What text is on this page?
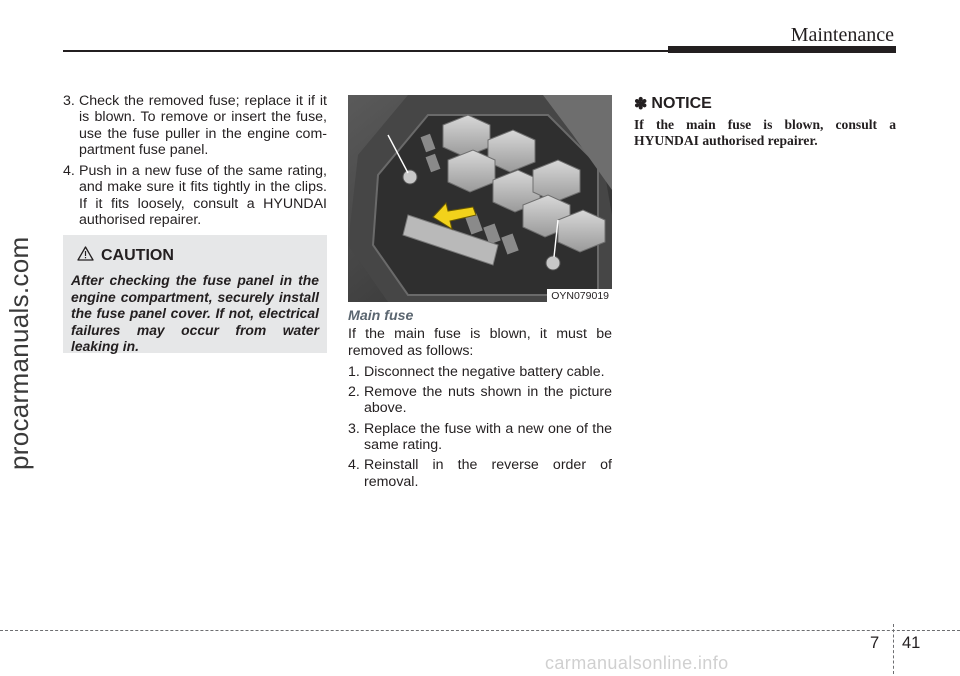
Maintenance
procarmanuals.com
3. Check the removed fuse; replace it if it is blown. To remove or insert the fuse, use the fuse puller in the engine com-partment fuse panel.
4. Push in a new fuse of the same rating, and make sure it fits tightly in the clips. If it fits loosely, consult a HYUNDAI authorised repairer.
CAUTION
After checking the fuse panel in the engine compartment, securely install the fuse panel cover. If not, electrical failures may occur from water leaking in.
OYN079019
Main fuse
If the main fuse is blown, it must be removed as follows:
1. Disconnect the negative battery cable.
2. Remove the nuts shown in the picture above.
3. Replace the fuse with a new one of the same rating.
4. Reinstall in the reverse order of removal.
✽ NOTICE
If the main fuse is blown, consult a HYUNDAI authorised repairer.
7 41
carmanualsonline.info
